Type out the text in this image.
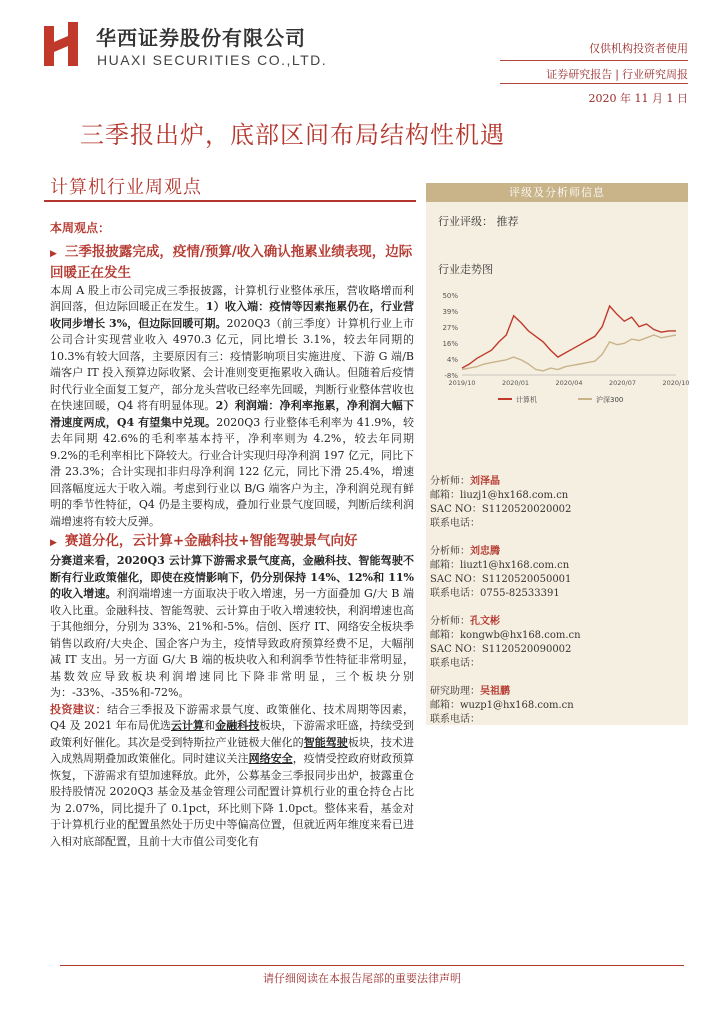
华西证券股份有限公司
HUAXI SECURITIES CO.,LTD.
仅供机构投资者使用
证券研究报告 | 行业研究周报
2020 年 11 月 1 日
三季报出炉，底部区间布局结构性机遇
计算机行业周观点
本周观点：
▶ 三季报披露完成，疫情/预算/收入确认拖累业绩表现，边际回暖正在发生

本周 A 股上市公司完成三季报披露，计算机行业整体承压，营收略增而利润回落，但边际回暖正在发生。1）收入端：疫情等因素拖累仍在，行业营收同步增长 3%，但边际回暖可期。2020Q3（前三季度）计算机行业上市公司合计实现营业收入 4970.3 亿元，同比增长 3.1%，较去年同期的 10.3%有较大回落，主要原因有三：疫情影响项目实施进度、下游 G 端/B 端客户 IT 投入预算边际收紧、会计准则变更拖累收入确认。但随着后疫情时代行业全面复工复产，部分龙头营收已经率先回暖，判断行业整体营收也在快速回暖，Q4 将有明显体现。2）利润端：净利率拖累，净利润大幅下滑速度两成，Q4 有望集中兑现。2020Q3 行业整体毛利率为 41.9%，较去年同期 42.6%的毛利率基本持平，净利率则为 4.2%，较去年同期 9.2%的毛利率相比下降较大。行业合计实现归母净利润 197 亿元，同比下滑 23.3%；合计实现扣非归母净利润 122 亿元，同比下滑 25.4%，增速回落幅度远大于收入端。考虑到行业以 B/G 端客户为主，净利润兑现有鲜明的季节性特征，Q4 仍是主要构成，叠加行业景气度回暖，判断后续利润端增速将有较大反弹。

▶ 赛道分化，云计算+金融科技+智能驾驶景气向好

分赛道来看，2020Q3 云计算下游需求景气度高，金融科技、智能驾驶不断有行业政策催化，即使在疫情影响下，仍分别保持 14%、12%和 11%的收入增速。利润端增速一方面取决于收入增速，另一方面叠加 G/大 B 端收入比重。金融科技、智能驾驶、云计算由于收入增速较快，利润增速也高于其他细分，分别为 33%、21%和-5%。信创、医疗 IT、网络安全板块季销售以政府/大央企、国企客户为主，疫情导致政府预算经费不足，大幅削减 IT 支出。另一方面 G/大 B 端的板块收入和利润季节性特征非常明显，基数效应导致板块利润增速同比下降非常明显，三个板块分别为：-33%、-35%和-72%。

投资建议：结合三季报及下游需求景气度、政策催化、技术周期等因素，Q4 及 2021 年布局优选云计算和金融科技板块，下游需求旺盛，持续受到政策利好催化。其次是受到特斯拉产业链极大催化的智能驾驶板块，技术进入成熟周期叠加政策催化。同时建议关注网络安全，疫情受控政府财政预算恢复，下游需求有望加速释放。此外，公募基金三季报同步出炉，披露重仓股持股情况 2020Q3 基金及基金管理公司配置计算机行业的重仓持仓占比为 2.07%，同比提升了 0.1pct，环比则下降 1.0pct。整体来看，基金对于计算机行业的配置虽然处于历史中等偏高位置，但就近两年维度来看已进入相对底部配置，且前十大市值公司变化有

评级及分析师信息
行业评级： 推荐
行业走势图
50%
39%
27%
16%
4%
-8%
2019/10	2020/01	2020/04	2020/07	2020/10
计算机	沪深300
分析师：刘泽晶
邮箱：liuzj1@hx168.com.cn
SAC NO：S1120520020002
联系电话：
分析师：刘忠腾
邮箱：liuzt1@hx168.com.cn
SAC NO：S1120520050001
联系电话：0755-82533391
分析师：孔文彬
邮箱：kongwb@hx168.com.cn
SAC NO：S1120520090002
联系电话：
研究助理：吴祖鹏
邮箱：wuzp1@hx168.com.cn
联系电话：
请仔细阅读在本报告尾部的重要法律声明
